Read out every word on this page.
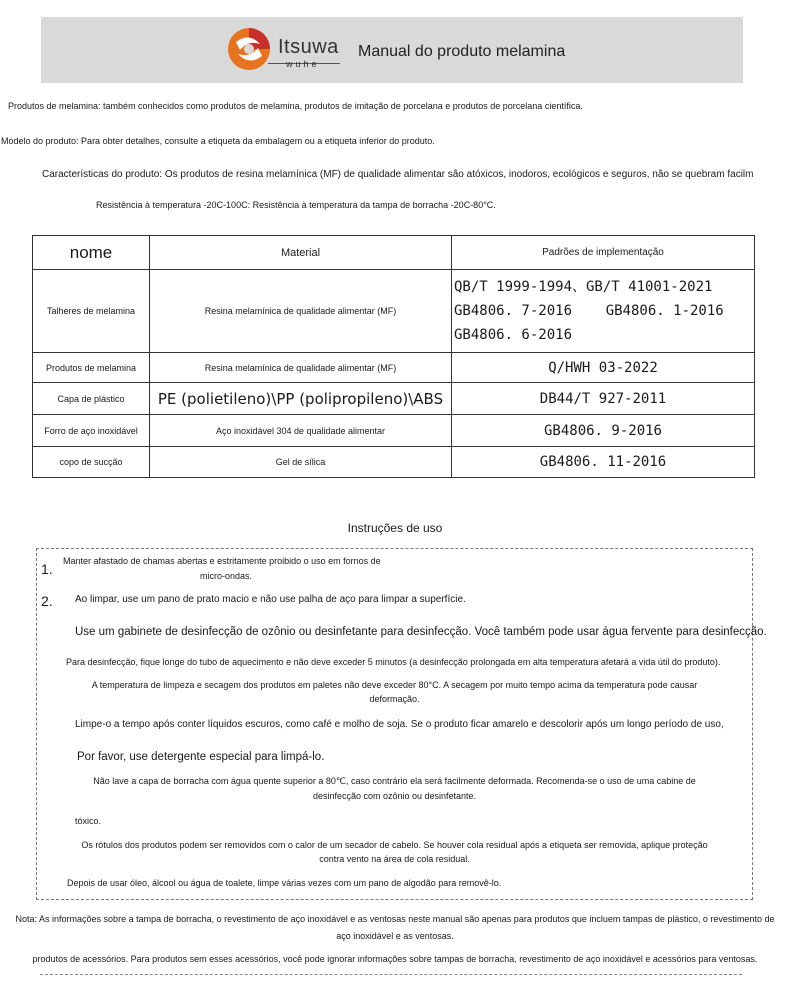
Itsuwa
wuhe
Manual do produto melamina
Produtos de melamina: também conhecidos como produtos de melamina, produtos de imitação de porcelana e produtos de porcelana científica.
Modelo do produto: Para obter detalhes, consulte a etiqueta da embalagem ou a etiqueta inferior do produto.
Características do produto: Os produtos de resina melamínica (MF) de qualidade alimentar são atóxicos, inodoros, ecológicos e seguros, não se quebram facilm
Resistência à temperatura -20C-100C: Resistência à temperatura da tampa de borracha -20C-80°C.
nome	Material	Padrões de implementação
Talheres de melamina	Resina melamínica de qualidade alimentar (MF)	QB/T 1999-1994、GB/T 41001-2021
GB4806. 7-2016    GB4806. 1-2016
GB4806. 6-2016

Produtos de melamina	Resina melamínica de qualidade alimentar (MF)	Q/HWH 03-2022
Capa de plástico	PE (polietileno)\PP (polipropileno)\ABS	DB44/T 927-2011
Forro de aço inoxidável	Aço inoxidável 304 de qualidade alimentar	GB4806. 9-2016
copo de sucção	Gel de sílica	GB4806. 11-2016
Instruções de uso
1. Manter afastado de chamas abertas e estritamente proibido o uso em fornos de
micro-ondas.
2. Ao limpar, use um pano de prato macio e não use palha de aço para limpar a superfície.
Use um gabinete de desinfecção de ozônio ou desinfetante para desinfecção. Você também pode usar água fervente para desinfecção.
Para desinfecção, fique longe do tubo de aquecimento e não deve exceder 5 minutos (a desinfecção prolongada em alta temperatura afetará a vida útil do produto).
A temperatura de limpeza e secagem dos produtos em paletes não deve exceder 80°C. A secagem por muito tempo acima da temperatura pode causar
deformação.
Limpe-o a tempo após conter líquidos escuros, como café e molho de soja. Se o produto ficar amarelo e descolorir após um longo período de uso,
Por favor, use detergente especial para limpá-lo.
Não lave a capa de borracha com água quente superior a 80℃, caso contrário ela será facilmente deformada. Recomenda-se o uso de uma cabine de
desinfecção com ozônio ou desinfetante.
tóxico.
Os rótulos dos produtos podem ser removidos com o calor de um secador de cabelo. Se houver cola residual após a etiqueta ser removida, aplique proteção
contra vento na área de cola residual.
Depois de usar óleo, álcool ou água de toalete, limpe várias vezes com um pano de algodão para removê-lo.
Nota: As informações sobre a tampa de borracha, o revestimento de aço inoxidável e as ventosas neste manual são apenas para produtos que incluem tampas de plástico, o revestimento de
aço inoxidável e as ventosas.
produtos de acessórios. Para produtos sem esses acessórios, você pode ignorar informações sobre tampas de borracha, revestimento de aço inoxidável e acessórios para ventosas.
